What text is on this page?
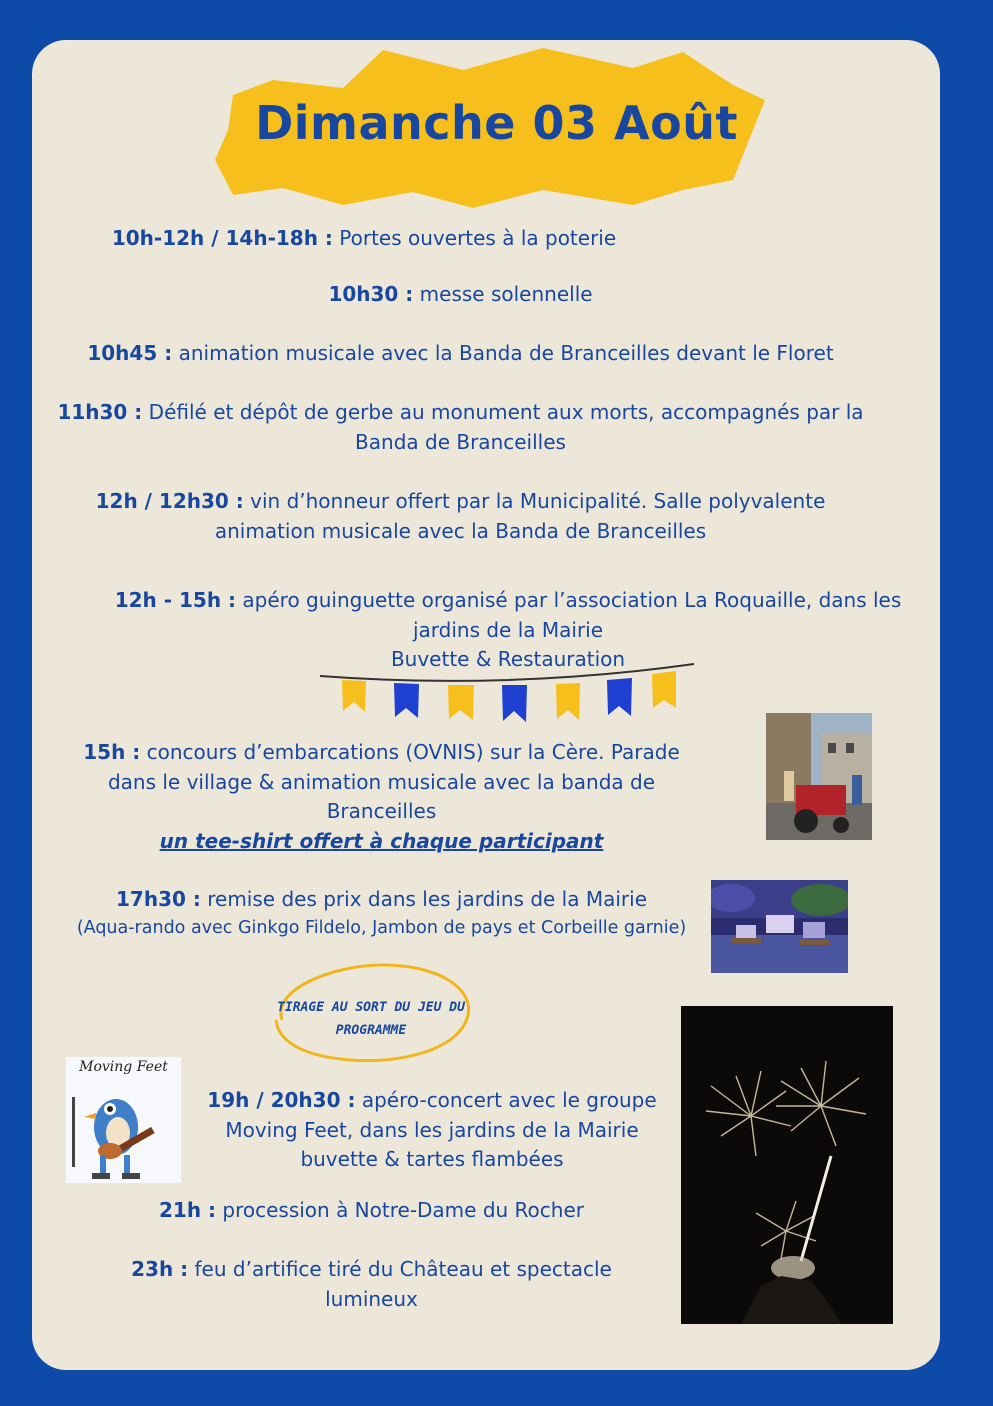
Dimanche 03 Août
10h-12h / 14h-18h : Portes ouvertes à la poterie
10h30 : messe solennelle
10h45 : animation musicale avec la Banda de Branceilles devant le Floret
11h30 : Défilé et dépôt de gerbe au monument aux morts, accompagnés par la
Banda de Branceilles
12h / 12h30 : vin d’honneur offert par la Municipalité. Salle polyvalente
animation musicale avec la Banda de Branceilles
12h - 15h : apéro guinguette organisé par l’association La Roquaille, dans les
jardins de la Mairie
Buvette & Restauration
15h : concours d’embarcations (OVNIS) sur la Cère. Parade
dans le village & animation musicale avec la banda de
Branceilles
un tee-shirt offert à chaque participant
17h30 : remise des prix dans les jardins de la Mairie
(Aqua-rando avec Ginkgo Fildelo, Jambon de pays et Corbeille garnie)
TIRAGE AU SORT DU JEU DU
PROGRAMME
Moving Feet
19h / 20h30 : apéro-concert avec le groupe
Moving Feet, dans les jardins de la Mairie
buvette & tartes flambées
21h : procession à Notre-Dame du Rocher
23h : feu d’artifice tiré du Château et spectacle
lumineux
